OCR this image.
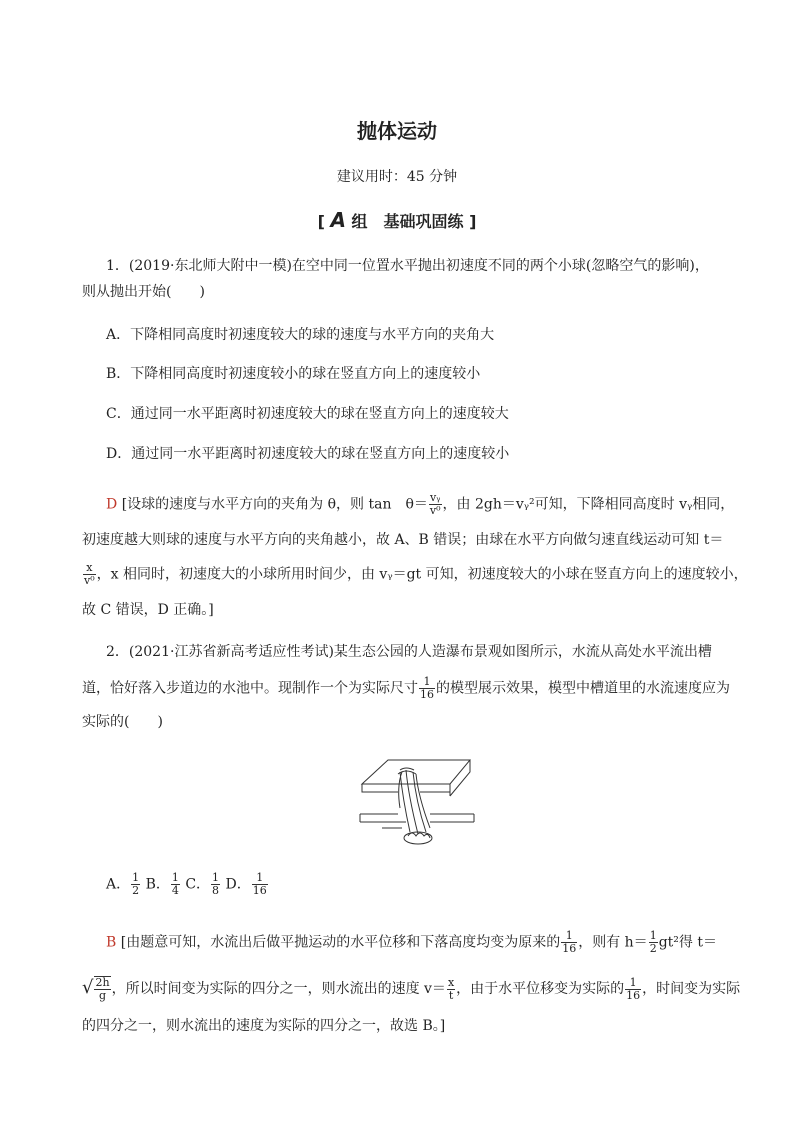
抛体运动
建议用时：45 分钟
[ A 组　基础巩固练 ]
1．(2019·东北师大附中一模)在空中同一位置水平抛出初速度不同的两个小球(忽略空气的影响)，
则从抛出开始(　　)
A．下降相同高度时初速度较大的球的速度与水平方向的夹角大
B．下降相同高度时初速度较小的球在竖直方向上的速度较小
C．通过同一水平距离时初速度较大的球在竖直方向上的速度较大
D．通过同一水平距离时初速度较大的球在竖直方向上的速度较小
D [设球的速度与水平方向的夹角为 θ，则 tan　$\theta= \frac{\text{vᵧ}}{\text{v⁰}}$ ，由 2gh＝vᵧ²可知，下降相同高度时 vᵧ相同，
初速度越大则球的速度与水平方向的夹角越小，故 A、B 错误；由球在水平方向做匀速直线运动可知 t＝
$\frac{x}{\text{v⁰}}$ ，x 相同时，初速度大的小球所用时间少，由 vᵧ＝gt 可知，初速度较大的小球在竖直方向上的速度较小，
故 C 错误，D 正确。]
2．(2021·江苏省新高考适应性考试)某生态公园的人造瀑布景观如图所示，水流从高处水平流出槽
道，恰好落入步道边的水池中。现制作一个为实际尺寸 $\frac{1}{16}$ 的模型展示效果，模型中槽道里的水流速度应为
实际的(　　)
A． $\frac{1}{2}$ B． $\frac{1}{4}$ C． $\frac{1}{8}$ D． $\frac{1}{16}$
B [由题意可知，水流出后做平抛运动的水平位移和下落高度均变为原来的 $\frac{1}{16}$ ，则有 $h= \frac{1}{2} gt^2$得 t＝
√ $\frac{2h}{g}$ ，所以时间变为实际的四分之一，则水流出的速度 $v= \frac{x}{t}$ ，由于水平位移变为实际的 $\frac{1}{16}$ ，时间变为实际
的四分之一，则水流出的速度为实际的四分之一，故选 B。]
